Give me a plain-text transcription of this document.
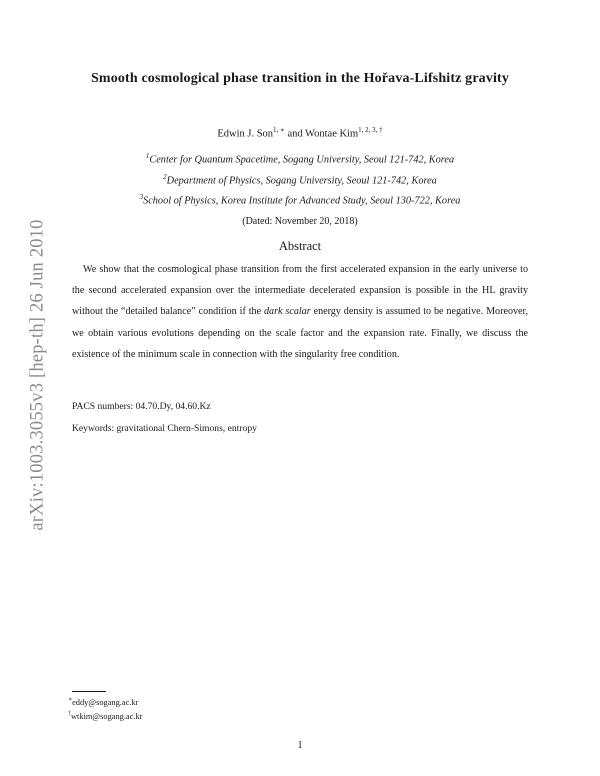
arXiv:1003.3055v3 [hep-th] 26 Jun 2010
Smooth cosmological phase transition in the Hořava-Lifshitz gravity
Edwin J. Son$^{1, ∗}$ and Wontae Kim$^{1, 2, 3, \dagger}$
$^1$Center for Quantum Spacetime, Sogang University, Seoul 121-742, Korea
$^2$Department of Physics, Sogang University, Seoul 121-742, Korea
$^3$School of Physics, Korea Institute for Advanced Study, Seoul 130-722, Korea
(Dated: November 20, 2018)
Abstract
We show that the cosmological phase transition from the first accelerated expansion in the early universe to the second accelerated expansion over the intermediate decelerated expansion is possible in the HL gravity without the “detailed balance” condition if the dark scalar energy density is assumed to be negative. Moreover, we obtain various evolutions depending on the scale factor and the expansion rate. Finally, we discuss the existence of the minimum scale in connection with the singularity free condition.
PACS numbers: 04.70.Dy, 04.60.Kz
Keywords: gravitational Chern-Simons, entropy
∗eddy@sogang.ac.kr
†wtkim@sogang.ac.kr
1
